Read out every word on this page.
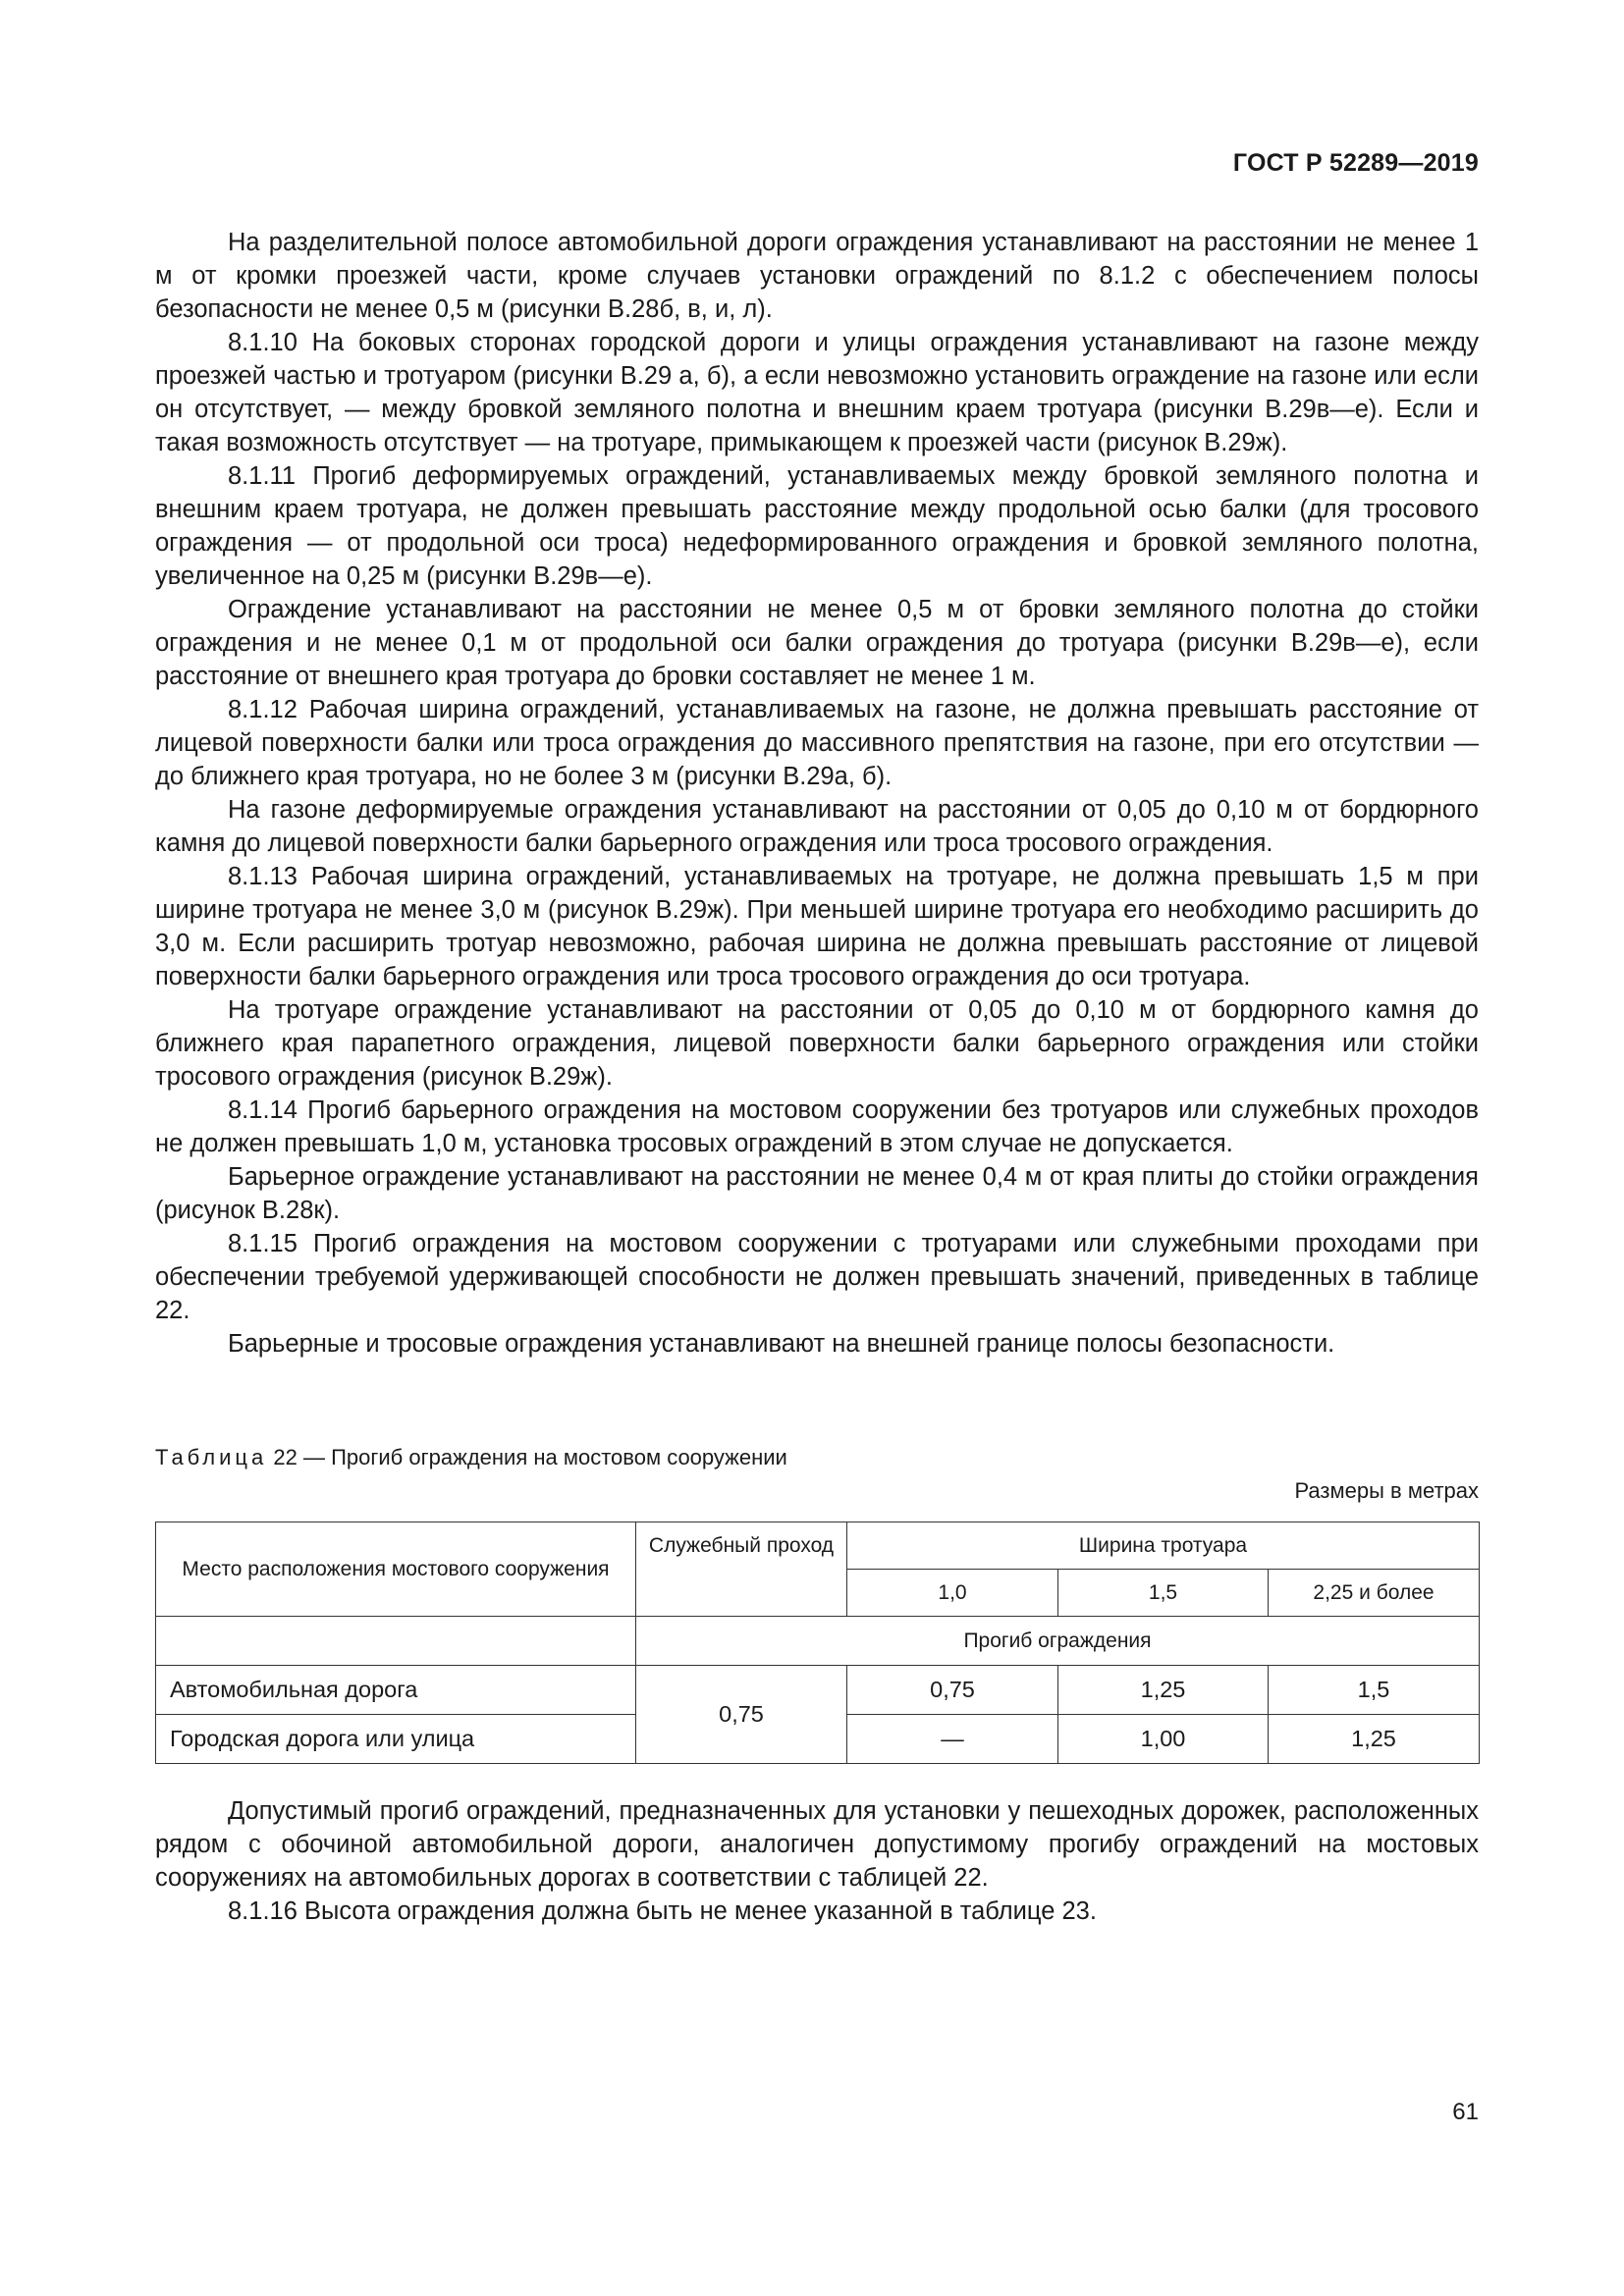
ГОСТ Р 52289—2019

На разделительной полосе автомобильной дороги ограждения устанавливают на расстоянии не менее 1 м от кромки проезжей части, кроме случаев установки ограждений по 8.1.2 с обеспечением полосы безопасности не менее 0,5 м (рисунки В.28б, в, и, л).

8.1.10 На боковых сторонах городской дороги и улицы ограждения устанавливают на газоне между проезжей частью и тротуаром (рисунки В.29 а, б), а если невозможно установить ограждение на газоне или если он отсутствует, — между бровкой земляного полотна и внешним краем тротуара (рисунки В.29в—е). Если и такая возможность отсутствует — на тротуаре, примыкающем к проезжей части (рисунок В.29ж).

8.1.11 Прогиб деформируемых ограждений, устанавливаемых между бровкой земляного полотна и внешним краем тротуара, не должен превышать расстояние между продольной осью балки (для тросового ограждения — от продольной оси троса) недеформированного ограждения и бровкой земляного полотна, увеличенное на 0,25 м (рисунки В.29в—е).

Ограждение устанавливают на расстоянии не менее 0,5 м от бровки земляного полотна до стойки ограждения и не менее 0,1 м от продольной оси балки ограждения до тротуара (рисунки В.29в—е), если расстояние от внешнего края тротуара до бровки составляет не менее 1 м.

8.1.12 Рабочая ширина ограждений, устанавливаемых на газоне, не должна превышать расстояние от лицевой поверхности балки или троса ограждения до массивного препятствия на газоне, при его отсутствии — до ближнего края тротуара, но не более 3 м (рисунки В.29а, б).

На газоне деформируемые ограждения устанавливают на расстоянии от 0,05 до 0,10 м от бордюрного камня до лицевой поверхности балки барьерного ограждения или троса тросового ограждения.

8.1.13 Рабочая ширина ограждений, устанавливаемых на тротуаре, не должна превышать 1,5 м при ширине тротуара не менее 3,0 м (рисунок В.29ж). При меньшей ширине тротуара его необходимо расширить до 3,0 м. Если расширить тротуар невозможно, рабочая ширина не должна превышать расстояние от лицевой поверхности балки барьерного ограждения или троса тросового ограждения до оси тротуара.

На тротуаре ограждение устанавливают на расстоянии от 0,05 до 0,10 м от бордюрного камня до ближнего края парапетного ограждения, лицевой поверхности балки барьерного ограждения или стойки тросового ограждения (рисунок В.29ж).

8.1.14 Прогиб барьерного ограждения на мостовом сооружении без тротуаров или служебных проходов не должен превышать 1,0 м, установка тросовых ограждений в этом случае не допускается.

Барьерное ограждение устанавливают на расстоянии не менее 0,4 м от края плиты до стойки ограждения (рисунок В.28к).

8.1.15 Прогиб ограждения на мостовом сооружении с тротуарами или служебными проходами при обеспечении требуемой удерживающей способности не должен превышать значений, приведенных в таблице 22.

Барьерные и тросовые ограждения устанавливают на внешней границе полосы безопасности.

Таблица 22 — Прогиб ограждения на мостовом сооружении
Размеры в метрах
Место расположения мостового сооружения	Служебный проход	Ширина тротуара		
		1,0	1,5	2,25 и более
	Прогиб ограждения			
Автомобильная дорога	0,75	0,75	1,25	1,5
Городская дорога или улица		—	1,00	1,25

Допустимый прогиб ограждений, предназначенных для установки у пешеходных дорожек, расположенных рядом с обочиной автомобильной дороги, аналогичен допустимому прогибу ограждений на мостовых сооружениях на автомобильных дорогах в соответствии с таблицей 22.

8.1.16 Высота ограждения должна быть не менее указанной в таблице 23.

61
